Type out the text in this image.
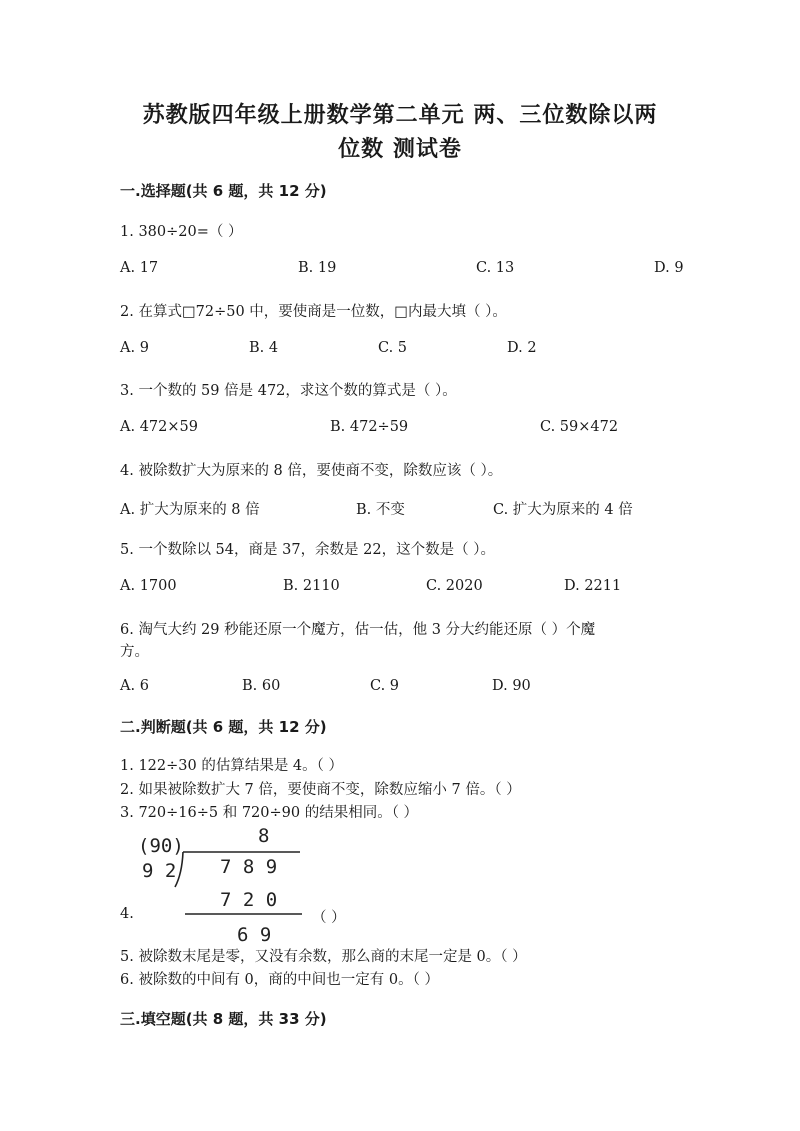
苏教版四年级上册数学第二单元 两、三位数除以两
位数 测试卷
一.选择题(共 6 题，共 12 分)
1. 380÷20=（ ）
A. 17	B. 19	C. 13	D. 9
2. 在算式□72÷50 中，要使商是一位数，□内最大填（ ）。
A. 9	B. 4	C. 5	D. 2
3. 一个数的 59 倍是 472，求这个数的算式是（ ）。
A. 472×59	B. 472÷59	C. 59×472
4. 被除数扩大为原来的 8 倍，要使商不变，除数应该（ ）。
A. 扩大为原来的 8 倍	B. 不变	C. 扩大为原来的 4 倍
5. 一个数除以 54，商是 37，余数是 22，这个数是（ ）。
A. 1700	B. 2110	C. 2020	D. 2211
6. 淘气大约 29 秒能还原一个魔方，估一估，他 3 分大约能还原（ ）个魔
方。
A. 6	B. 60	C. 9	D. 90
二.判断题(共 6 题，共 12 分)
1. 122÷30 的估算结果是 4。（ ）
2. 如果被除数扩大 7 倍，要使商不变，除数应缩小 7 倍。（ ）
3. 720÷16÷5 和 720÷90 的结果相同。（ ）
8
(90)
9 2 7 8 9
7 2 0
6 9
4.	（ ）
5. 被除数末尾是零，又没有余数，那么商的末尾一定是 0。（ ）
6. 被除数的中间有 0，商的中间也一定有 0。（ ）
三.填空题(共 8 题，共 33 分)
